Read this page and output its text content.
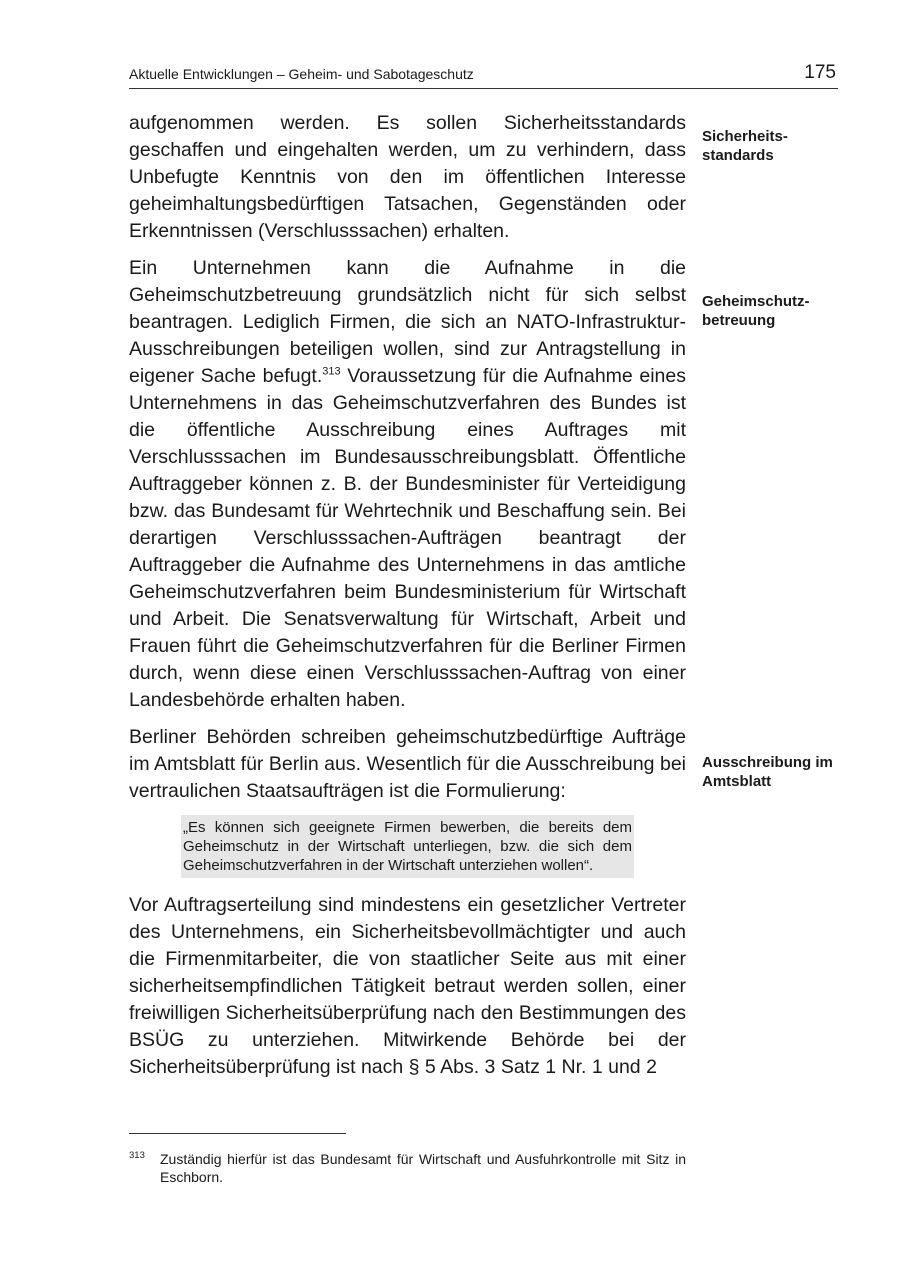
Aktuelle Entwicklungen – Geheim- und Sabotageschutz	175

aufgenommen werden. Es sollen Sicherheitsstandards geschaffen und eingehalten werden, um zu verhindern, dass Unbefugte Kenntnis von den im öffentlichen Interesse geheimhaltungsbedürftigen Tatsachen, Gegenständen oder Erkenntnissen (Verschlusssachen) erhalten.

Ein Unternehmen kann die Aufnahme in die Geheimschutzbetreuung grundsätzlich nicht für sich selbst beantragen. Lediglich Firmen, die sich an NATO-Infrastruktur-Ausschreibungen beteiligen wollen, sind zur Antragstellung in eigener Sache befugt.$^{313}$ Voraussetzung für die Aufnahme eines Unternehmens in das Geheimschutzverfahren des Bundes ist die öffentliche Ausschreibung eines Auftrages mit Verschlusssachen im Bundesausschreibungsblatt. Öffentliche Auftraggeber können z. B. der Bundesminister für Verteidigung bzw. das Bundesamt für Wehrtechnik und Beschaffung sein. Bei derartigen Verschlusssachen-Aufträgen beantragt der Auftraggeber die Aufnahme des Unternehmens in das amtliche Geheimschutzverfahren beim Bundesministerium für Wirtschaft und Arbeit. Die Senatsverwaltung für Wirtschaft, Arbeit und Frauen führt die Geheimschutzverfahren für die Berliner Firmen durch, wenn diese einen Verschlusssachen-Auftrag von einer Landesbehörde erhalten haben.

Berliner Behörden schreiben geheimschutzbedürftige Aufträge im Amtsblatt für Berlin aus. Wesentlich für die Ausschreibung bei vertraulichen Staatsaufträgen ist die Formulierung:

„Es können sich geeignete Firmen bewerben, die bereits dem Geheimschutz in der Wirtschaft unterliegen, bzw. die sich dem Geheimschutzverfahren in der Wirtschaft unterziehen wollen“.

Vor Auftragserteilung sind mindestens ein gesetzlicher Vertreter des Unternehmens, ein Sicherheitsbevollmächtigter und auch die Firmenmitarbeiter, die von staatlicher Seite aus mit einer sicherheitsempfindlichen Tätigkeit betraut werden sollen, einer freiwilligen Sicherheitsüberprüfung nach den Bestimmungen des BSÜG zu unterziehen. Mitwirkende Behörde bei der Sicherheitsüberprüfung ist nach § 5 Abs. 3 Satz 1 Nr. 1 und 2

Sicherheits-
standards
Geheimschutz-
betreuung
Ausschreibung im
Amtsblatt
313 Zuständig hierfür ist das Bundesamt für Wirtschaft und Ausfuhrkontrolle mit Sitz in Eschborn.
